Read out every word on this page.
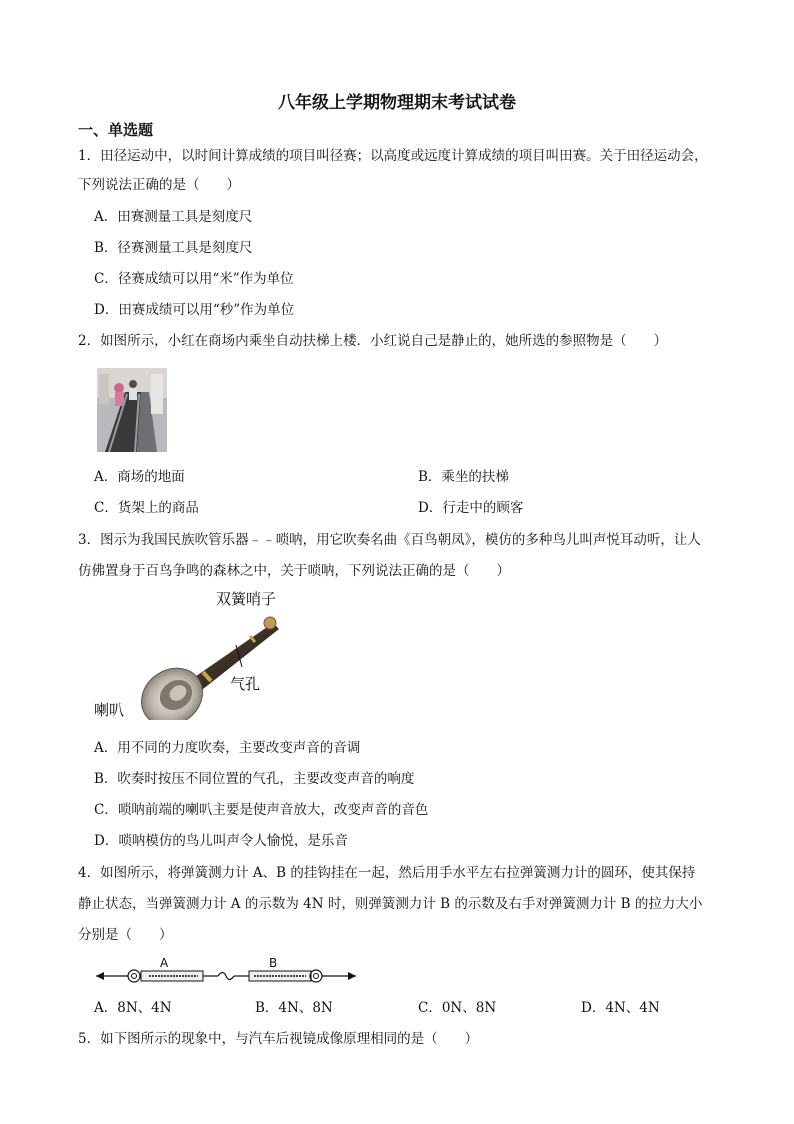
八年级上学期物理期末考试试卷
一、单选题
1．田径运动中，以时间计算成绩的项目叫径赛；以高度或远度计算成绩的项目叫田赛。关于田径运动会，
下列说法正确的是（　　）
A．田赛测量工具是刻度尺
B．径赛测量工具是刻度尺
C．径赛成绩可以用“米”作为单位
D．田赛成绩可以用“秒”作为单位
2．如图所示，小红在商场内乘坐自动扶梯上楼．小红说自己是静止的，她所选的参照物是（　　）
A．商场的地面	B．乘坐的扶梯
C．货架上的商品	D．行走中的顾客
3．图示为我国民族吹管乐器﹣﹣唢呐，用它吹奏名曲《百鸟朝凤》，模仿的多种鸟儿叫声悦耳动听，让人
仿佛置身于百鸟争鸣的森林之中，关于唢呐，下列说法正确的是（　　）
双簧哨子
气孔
喇叭
A．用不同的力度吹奏，主要改变声音的音调
B．吹奏时按压不同位置的气孔，主要改变声音的响度
C．唢呐前端的喇叭主要是使声音放大，改变声音的音色
D．唢呐模仿的鸟儿叫声令人愉悦，是乐音
4．如图所示，将弹簧测力计 A、B 的挂钩挂在一起，然后用手水平左右拉弹簧测力计的圆环，使其保持
静止状态，当弹簧测力计 A 的示数为 4N 时，则弹簧测力计 B 的示数及右手对弹簧测力计 B 的拉力大小
分别是（　　）
A	B
A．8N、4N	B．4N、8N	C．0N、8N	D．4N、4N
5．如下图所示的现象中，与汽车后视镜成像原理相同的是（　　）
